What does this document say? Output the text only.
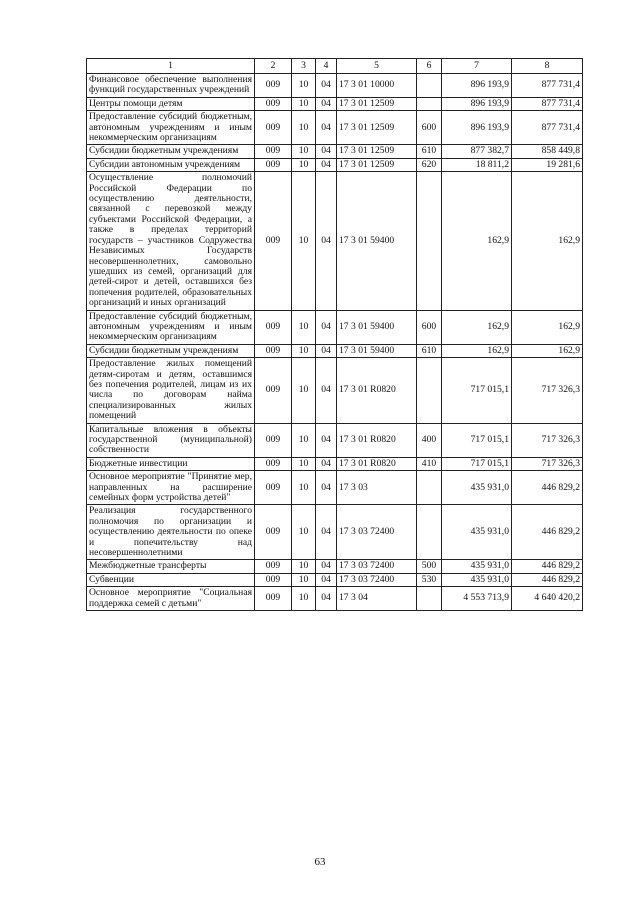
1	2	3	4	5	6	7	8
Финансовое обеспечение выполнения функций государственных учреждений	009	10	04	17 3 01 10000		896 193,9	877 731,4
Центры помощи детям	009	10	04	17 3 01 12509		896 193,9	877 731,4
Предоставление субсидий бюджетным, автономным учреждениям и иным некоммерческим организациям	009	10	04	17 3 01 12509	600	896 193,9	877 731,4
Субсидии бюджетным учреждениям	009	10	04	17 3 01 12509	610	877 382,7	858 449,8
Субсидии автономным учреждениям	009	10	04	17 3 01 12509	620	18 811,2	19 281,6
Осуществление полномочий Российской Федерации по осуществлению деятельности, связанной с перевозкой между субъектами Российской Федерации, а также в пределах территорий государств – участников Содружества Независимых Государств несовершеннолетних, самовольно ушедших из семей, организаций для детей-сирот и детей, оставшихся без попечения родителей, образовательных организаций и иных организаций	009	10	04	17 3 01 59400		162,9	162,9
Предоставление субсидий бюджетным, автономным учреждениям и иным некоммерческим организациям	009	10	04	17 3 01 59400	600	162,9	162,9
Субсидии бюджетным учреждениям	009	10	04	17 3 01 59400	610	162,9	162,9
Предоставление жилых помещений детям-сиротам и детям, оставшимся без попечения родителей, лицам из их числа по договорам найма специализированных жилых помещений	009	10	04	17 3 01 R0820		717 015,1	717 326,3
Капитальные вложения в объекты государственной (муниципальной) собственности	009	10	04	17 3 01 R0820	400	717 015,1	717 326,3
Бюджетные инвестиции	009	10	04	17 3 01 R0820	410	717 015,1	717 326,3
Основное мероприятие "Принятие мер, направленных на расширение семейных форм устройства детей"	009	10	04	17 3 03		435 931,0	446 829,2
Реализация государственного полномочия по организации и осуществлению деятельности по опеке и попечительству над несовершеннолетними	009	10	04	17 3 03 72400		435 931,0	446 829,2
Межбюджетные трансферты	009	10	04	17 3 03 72400	500	435 931,0	446 829,2
Субвенции	009	10	04	17 3 03 72400	530	435 931,0	446 829,2
Основное мероприятие "Социальная поддержка семей с детьми"	009	10	04	17 3 04		4 553 713,9	4 640 420,2
63
